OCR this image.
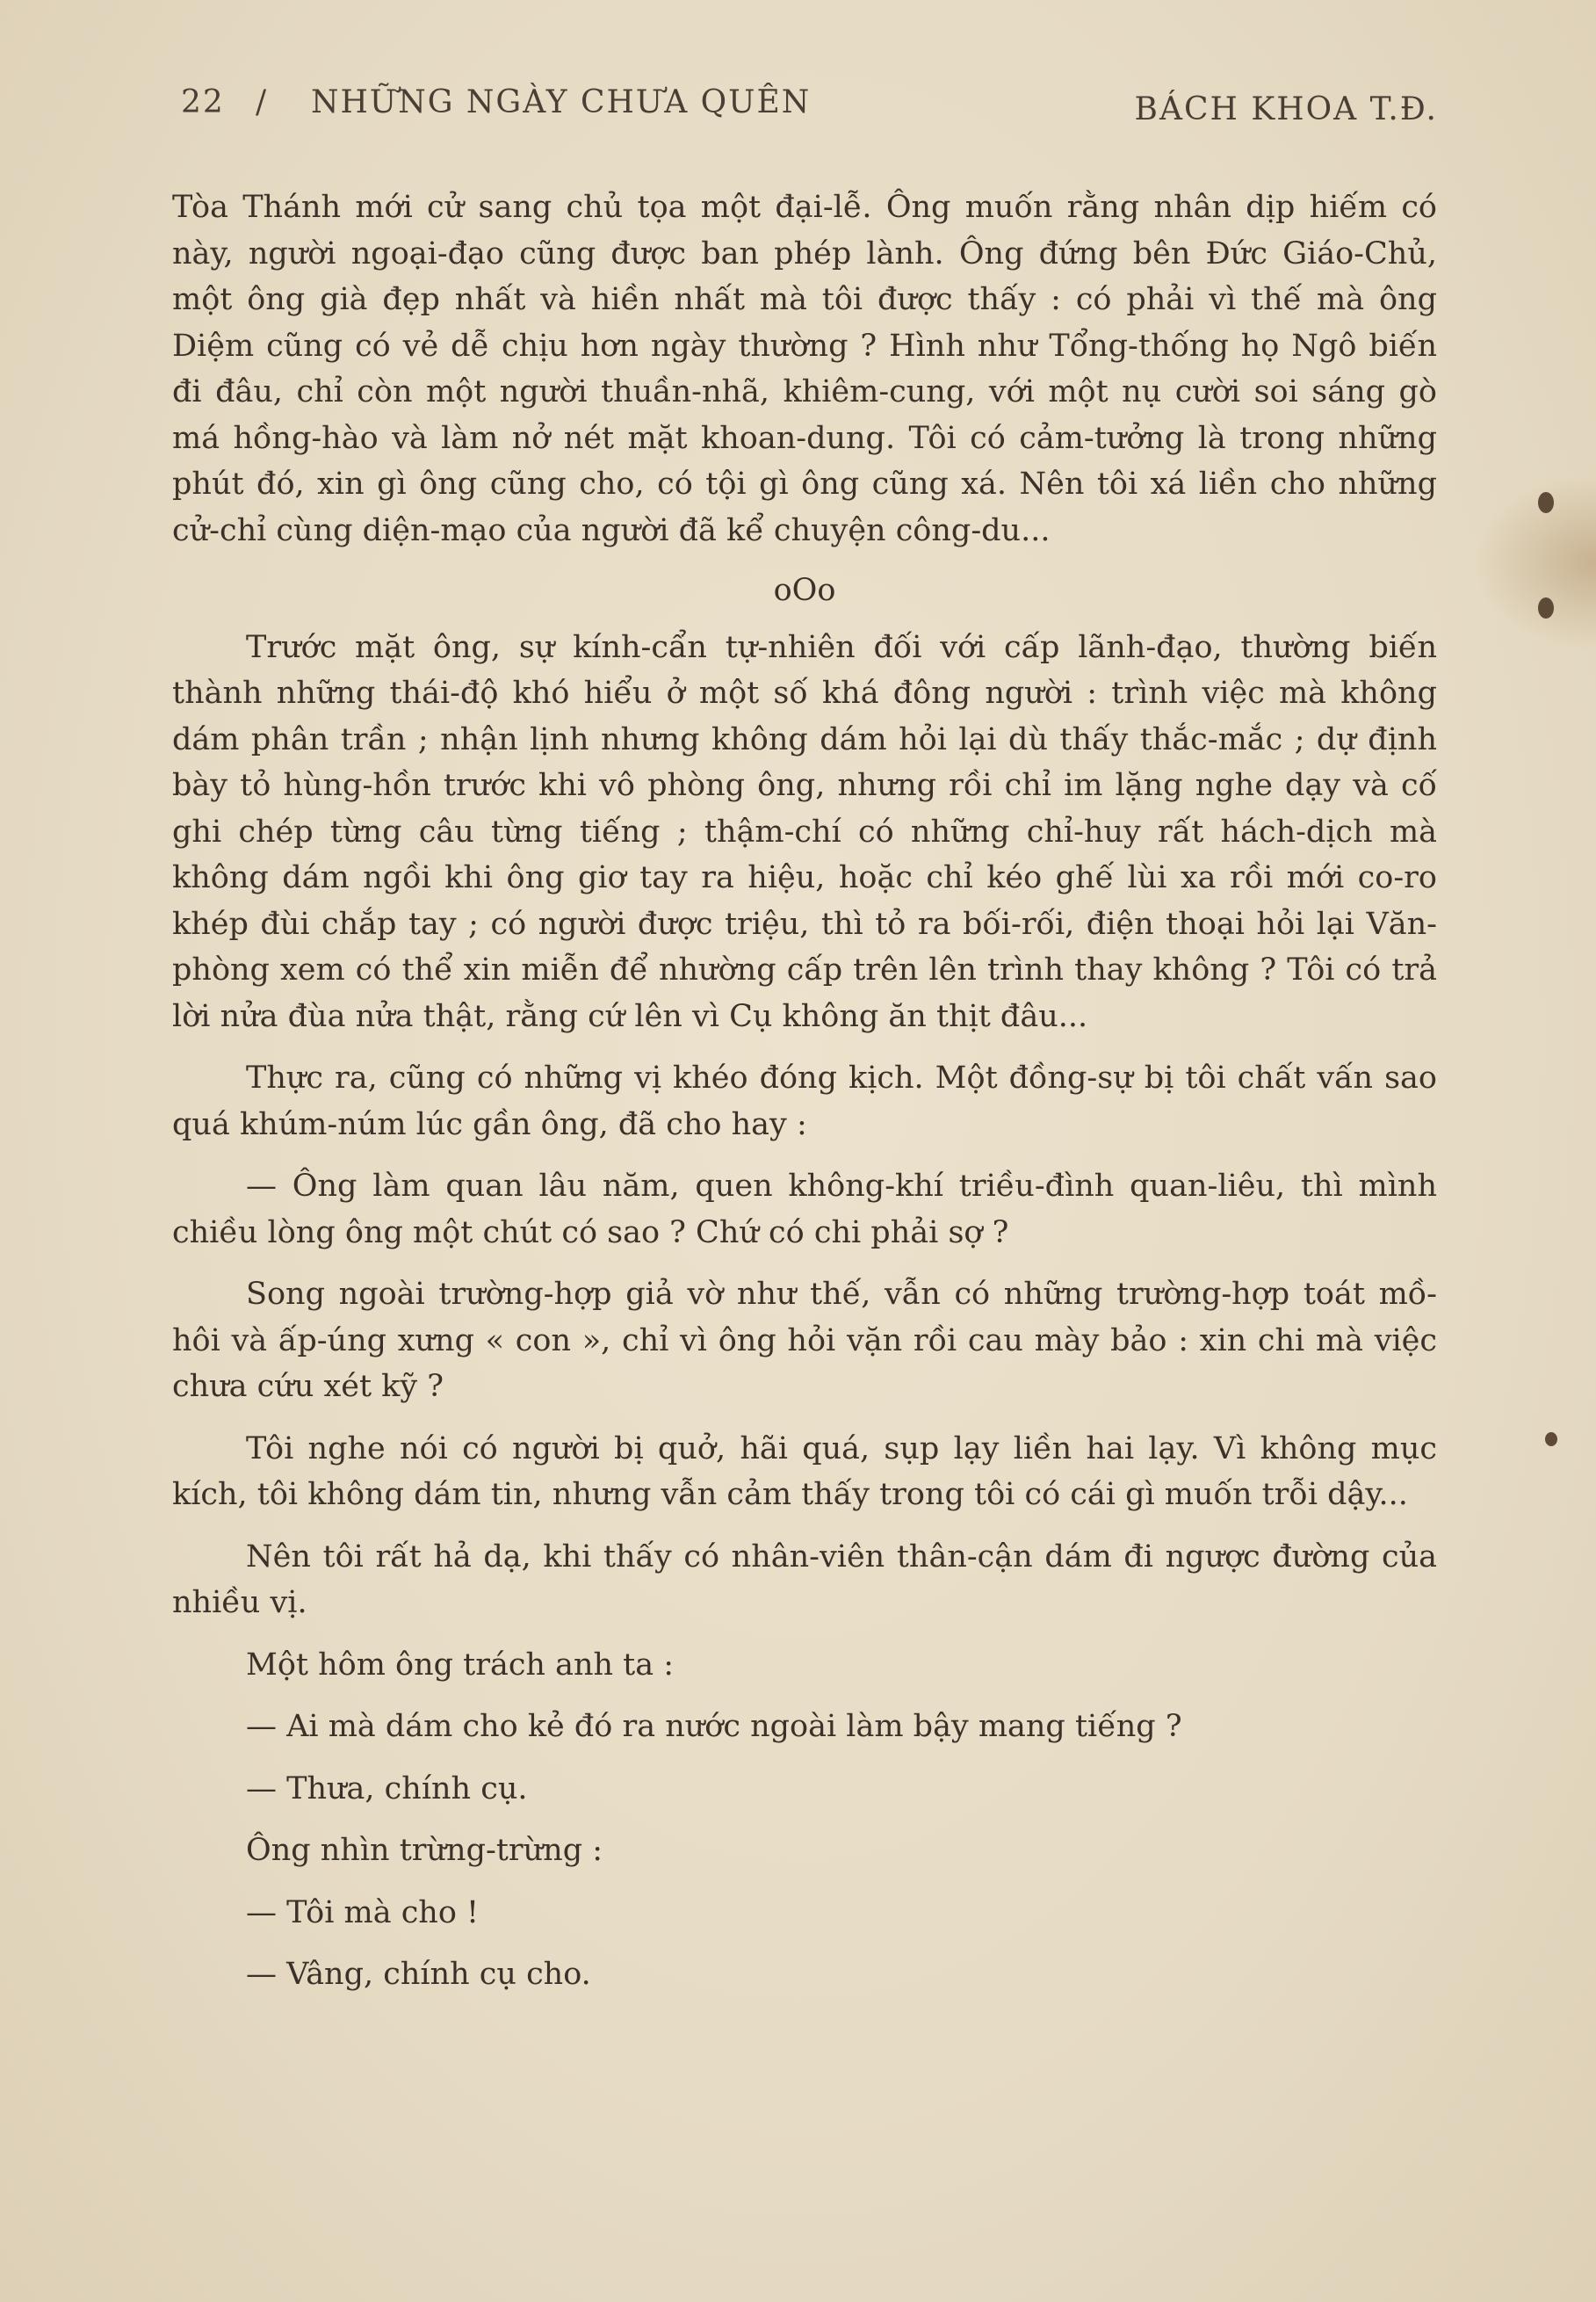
22 / NHỮNG NGÀY CHƯA QUÊN	BÁCH KHOA T.Đ.

Tòa Thánh mới cử sang chủ tọa một đại-lễ. Ông muốn rằng nhân dịp hiếm có này, người ngoại-đạo cũng được ban phép lành. Ông đứng bên Đức Giáo-Chủ, một ông già đẹp nhất và hiền nhất mà tôi được thấy : có phải vì thế mà ông Diệm cũng có vẻ dễ chịu hơn ngày thường ? Hình như Tổng-thống họ Ngô biến đi đâu, chỉ còn một người thuần-nhã, khiêm-cung, với một nụ cười soi sáng gò má hồng-hào và làm nở nét mặt khoan-dung. Tôi có cảm-tưởng là trong những phút đó, xin gì ông cũng cho, có tội gì ông cũng xá. Nên tôi xá liền cho những cử-chỉ cùng diện-mạo của người đã kể chuyện công-du...

oOo

Trước mặt ông, sự kính-cẩn tự-nhiên đối với cấp lãnh-đạo, thường biến thành những thái-độ khó hiểu ở một số khá đông người : trình việc mà không dám phân trần ; nhận lịnh nhưng không dám hỏi lại dù thấy thắc-mắc ; dự định bày tỏ hùng-hồn trước khi vô phòng ông, nhưng rồi chỉ im lặng nghe dạy và cố ghi chép từng câu từng tiếng ; thậm-chí có những chỉ-huy rất hách-dịch mà không dám ngồi khi ông giơ tay ra hiệu, hoặc chỉ kéo ghế lùi xa rồi mới co-ro khép đùi chắp tay ; có người được triệu, thì tỏ ra bối-rối, điện thoại hỏi lại Văn-phòng xem có thể xin miễn để nhường cấp trên lên trình thay không ? Tôi có trả lời nửa đùa nửa thật, rằng cứ lên vì Cụ không ăn thịt đâu...

Thực ra, cũng có những vị khéo đóng kịch. Một đồng-sự bị tôi chất vấn sao quá khúm-núm lúc gần ông, đã cho hay :

— Ông làm quan lâu năm, quen không-khí triều-đình quan-liêu, thì mình chiều lòng ông một chút có sao ? Chứ có chi phải sợ ?

Song ngoài trường-hợp giả vờ như thế, vẫn có những trường-hợp toát mồ-hôi và ấp-úng xưng « con », chỉ vì ông hỏi vặn rồi cau mày bảo : xin chi mà việc chưa cứu xét kỹ ?

Tôi nghe nói có người bị quở, hãi quá, sụp lạy liền hai lạy. Vì không mục kích, tôi không dám tin, nhưng vẫn cảm thấy trong tôi có cái gì muốn trỗi dậy...

Nên tôi rất hả dạ, khi thấy có nhân-viên thân-cận dám đi ngược đường của nhiều vị.

Một hôm ông trách anh ta :

— Ai mà dám cho kẻ đó ra nước ngoài làm bậy mang tiếng ?

— Thưa, chính cụ.

Ông nhìn trừng-trừng :

— Tôi mà cho !

— Vâng, chính cụ cho.
